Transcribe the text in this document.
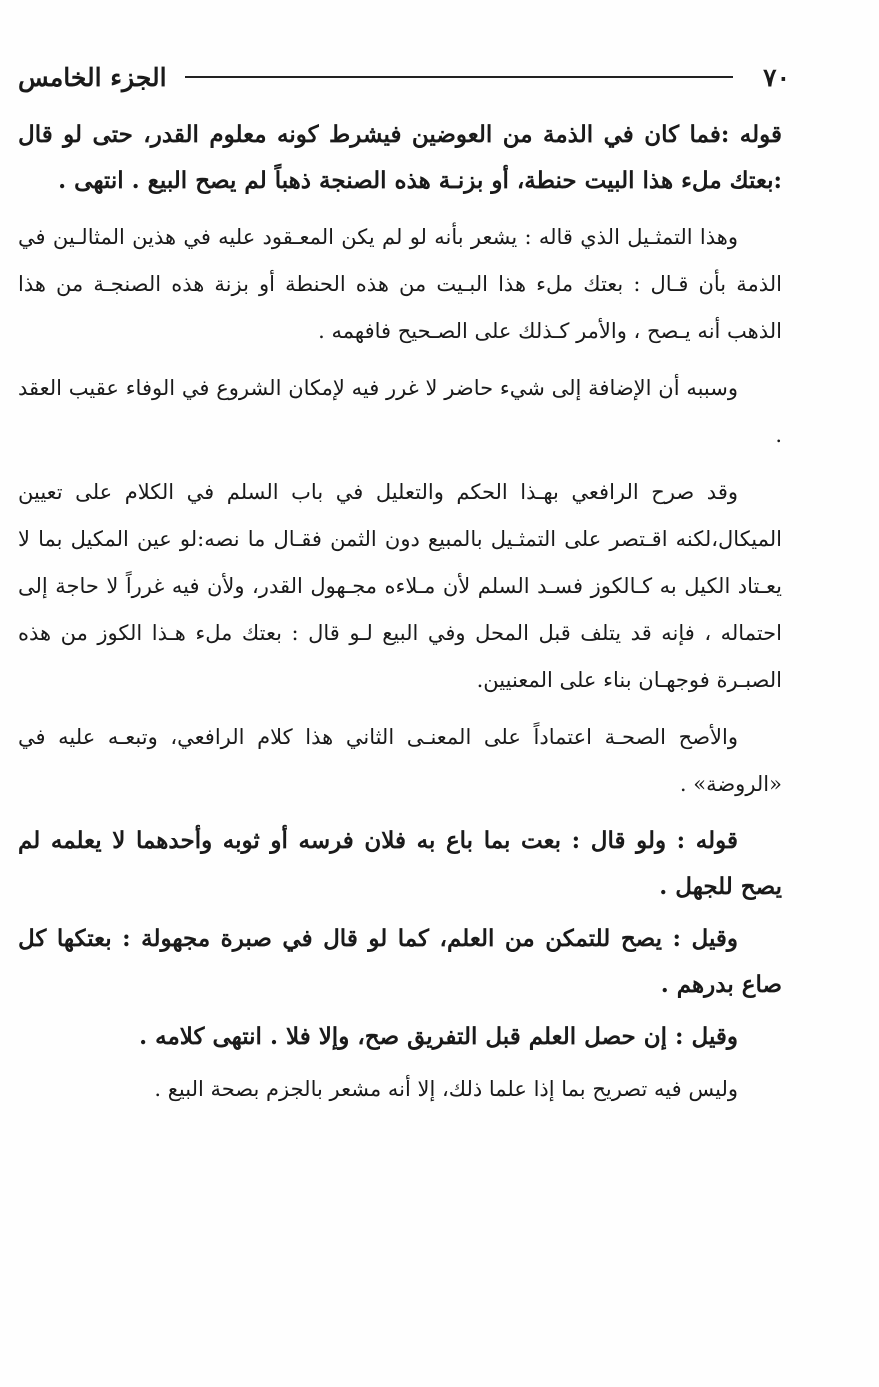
٧٠
الجزء الخامس

قوله :فما كان في الذمة من العوضين فيشرط كونه معلوم القدر، حتى لو قال :بعتك ملء هذا البيت حنطة، أو بزنـة هذه الصنجة ذهباً لم يصح البيع . انتهى .

وهذا التمثـيل الذي قاله : يشعر بأنه لو لم يكن المعـقود عليه في هذين المثالـين في الذمة بأن قـال : بعتك ملء هذا البـيت من هذه الحنطة أو بزنة هذه الصنجـة من هذا الذهب أنه يـصح ، والأمر كـذلك على الصـحيح فافهمه .

وسببه أن الإضافة إلى شيء حاضر لا غرر فيه لإمكان الشروع في الوفاء عقيب العقد .

وقد صرح الرافعي بهـذا الحكم والتعليل في باب السلم في الكلام على تعيين الميكال،لكنه اقـتصر على التمثـيل بالمبيع دون الثمن فقـال ما نصه:لو عين المكيل بما لا يعـتاد الكيل به كـالكوز فسـد السلم لأن مـلاءه مجـهول القدر، ولأن فيه غرراً لا حاجة إلى احتماله ، فإنه قد يتلف قبل المحل وفي البيع لـو قال : بعتك ملء هـذا الكوز من هذه الصبـرة فوجهـان بناء على المعنيين.

والأصح الصحـة اعتماداً على المعنـى الثاني هذا كلام الرافعي، وتبعـه عليه في «الروضة» .

قوله : ولو قال : بعت بما باع به فلان فرسه أو ثوبه وأحدهما لا يعلمه لم يصح للجهل .

وقيل : يصح للتمكن من العلم، كما لو قال في صبرة مجهولة : بعتكها كل صاع بدرهم .

وقيل : إن حصل العلم قبل التفريق صح، وإلا فلا . انتهى كلامه .

وليس فيه تصريح بما إذا علما ذلك، إلا أنه مشعر بالجزم بصحة البيع .
